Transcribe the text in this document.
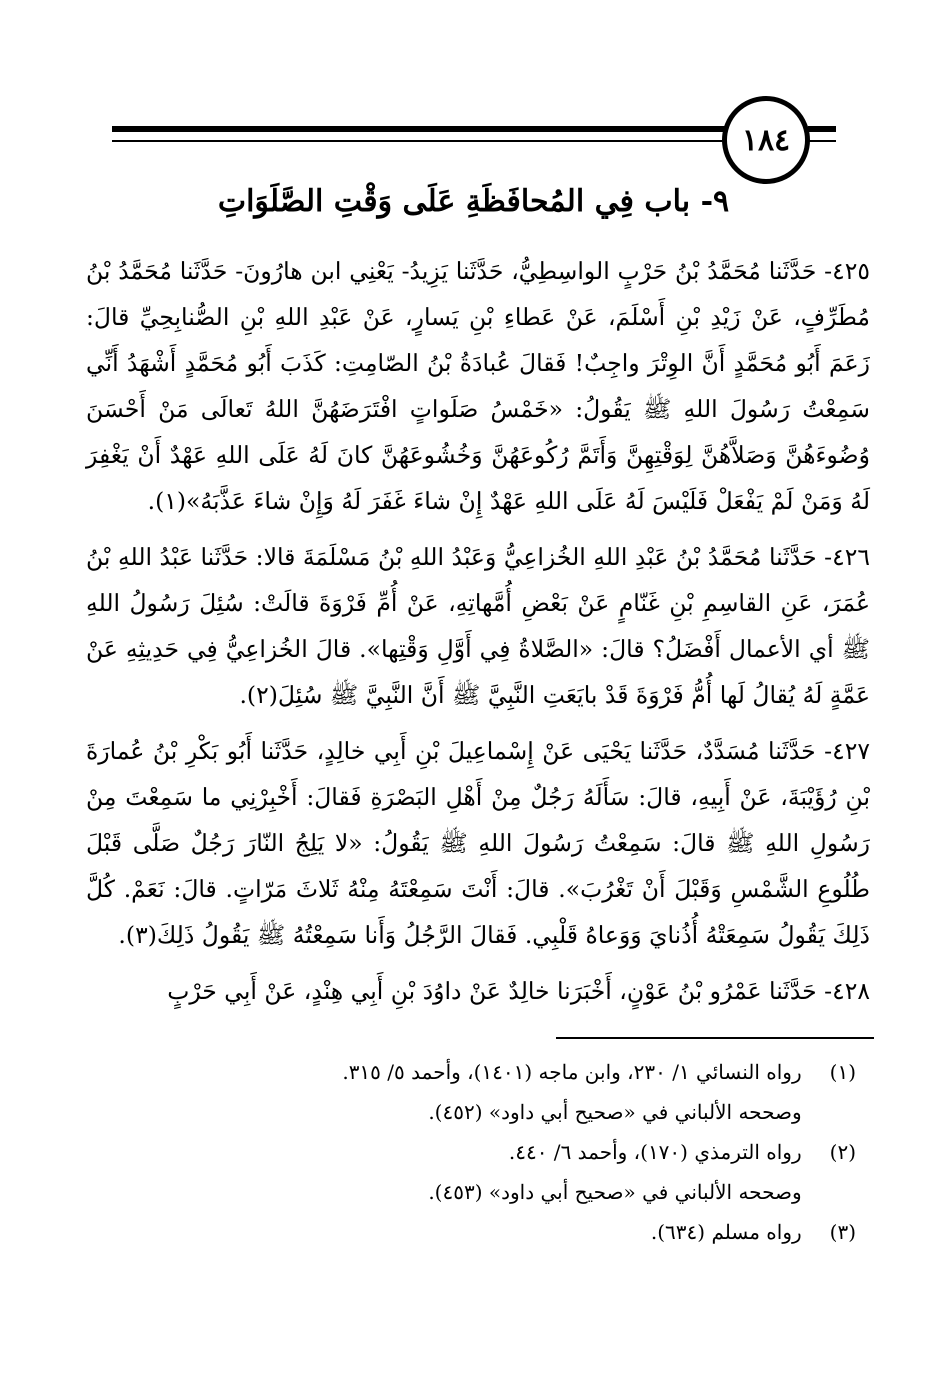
١٨٤
٩- باب فِي المُحافَظَةِ عَلَى وَقْتِ الصَّلَوَاتِ

٤٢٥- حَدَّثَنا مُحَمَّدُ بْنُ حَرْبٍ الواسِطِيُّ، حَدَّثَنا يَزِيدُ- يَعْنِي ابن هارُونَ- حَدَّثَنا مُحَمَّدُ بْنُ مُطَرِّفٍ، عَنْ زَيْدِ بْنِ أَسْلَمَ، عَنْ عَطاءِ بْنِ يَسارٍ، عَنْ عَبْدِ اللهِ بْنِ الصُّنابِحِيِّ قالَ: زَعَمَ أَبُو مُحَمَّدٍ أَنَّ الوِتْرَ واجِبٌ! فَقالَ عُبادَةُ بْنُ الصّامِتِ: كَذَبَ أَبُو مُحَمَّدٍ أَشْهَدُ أَنِّي سَمِعْتُ رَسُولَ اللهِ ﷺ يَقُولُ: «خَمْسُ صَلَواتٍ افْتَرَضَهُنَّ اللهُ تَعالَى مَنْ أَحْسَنَ وُضُوءَهُنَّ وَصَلاَّهُنَّ لِوَقْتِهِنَّ وَأَتَمَّ رُكُوعَهُنَّ وَخُشُوعَهُنَّ كانَ لَهُ عَلَى اللهِ عَهْدٌ أَنْ يَغْفِرَ لَهُ وَمَنْ لَمْ يَفْعَلْ فَلَيْسَ لَهُ عَلَى اللهِ عَهْدٌ إِنْ شاءَ غَفَرَ لَهُ وَإِنْ شاءَ عَذَّبَهُ»(١).

٤٢٦- حَدَّثَنا مُحَمَّدُ بْنُ عَبْدِ اللهِ الخُزاعِيُّ وَعَبْدُ اللهِ بْنُ مَسْلَمَةَ قالا: حَدَّثَنا عَبْدُ اللهِ بْنُ عُمَرَ، عَنِ القاسِمِ بْنِ غَنّامٍ عَنْ بَعْضِ أُمَّهاتِهِ، عَنْ أُمِّ فَرْوَةَ قالَتْ: سُئِلَ رَسُولُ اللهِ ﷺ أي الأعمال أَفْضَلُ؟ قالَ: «الصَّلاةُ فِي أَوَّلِ وَقْتِها». قالَ الخُزاعِيُّ فِي حَدِيثِهِ عَنْ عَمَّةٍ لَهُ يُقالُ لَها أُمُّ فَرْوَةَ قَدْ بايَعَتِ النَّبِيَّ ﷺ أَنَّ النَّبِيَّ ﷺ سُئِلَ(٢).

٤٢٧- حَدَّثَنا مُسَدَّدٌ، حَدَّثَنا يَحْيَى عَنْ إِسْماعِيلَ بْنِ أَبِي خالِدٍ، حَدَّثَنا أَبُو بَكْرِ بْنُ عُمارَةَ بْنِ رُؤَيْبَةَ، عَنْ أَبِيهِ، قالَ: سَأَلَهُ رَجُلٌ مِنْ أَهْلِ البَصْرَةِ فَقالَ: أَخْبِرْنِي ما سَمِعْتَ مِنْ رَسُولِ اللهِ ﷺ قالَ: سَمِعْتُ رَسُولَ اللهِ ﷺ يَقُولُ: «لا يَلِجُ النّارَ رَجُلٌ صَلَّى قَبْلَ طُلُوعِ الشَّمْسِ وَقَبْلَ أَنْ تَغْرُبَ». قالَ: أَنْتَ سَمِعْتَهُ مِنْهُ ثَلاثَ مَرّاتٍ. قالَ: نَعَمْ. كُلَّ ذَلِكَ يَقُولُ سَمِعَتْهُ أُذُنايَ وَوَعاهُ قَلْبِي. فَقالَ الرَّجُلُ وَأَنا سَمِعْتُهُ ﷺ يَقُولُ ذَلِكَ(٣).

٤٢٨- حَدَّثَنا عَمْرُو بْنُ عَوْنٍ، أَخْبَرَنا خالِدٌ عَنْ داوُدَ بْنِ أَبِي هِنْدٍ، عَنْ أَبِي حَرْبٍ

(١) رواه النسائي ١/ ٢٣٠، وابن ماجه (١٤٠١)، وأحمد ٥/ ٣١٥.

وصححه الألباني في «صحيح أبي داود» (٤٥٢).

(٢) رواه الترمذي (١٧٠)، وأحمد ٦/ ٤٤٠.

وصححه الألباني في «صحيح أبي داود» (٤٥٣).

(٣) رواه مسلم (٦٣٤).
